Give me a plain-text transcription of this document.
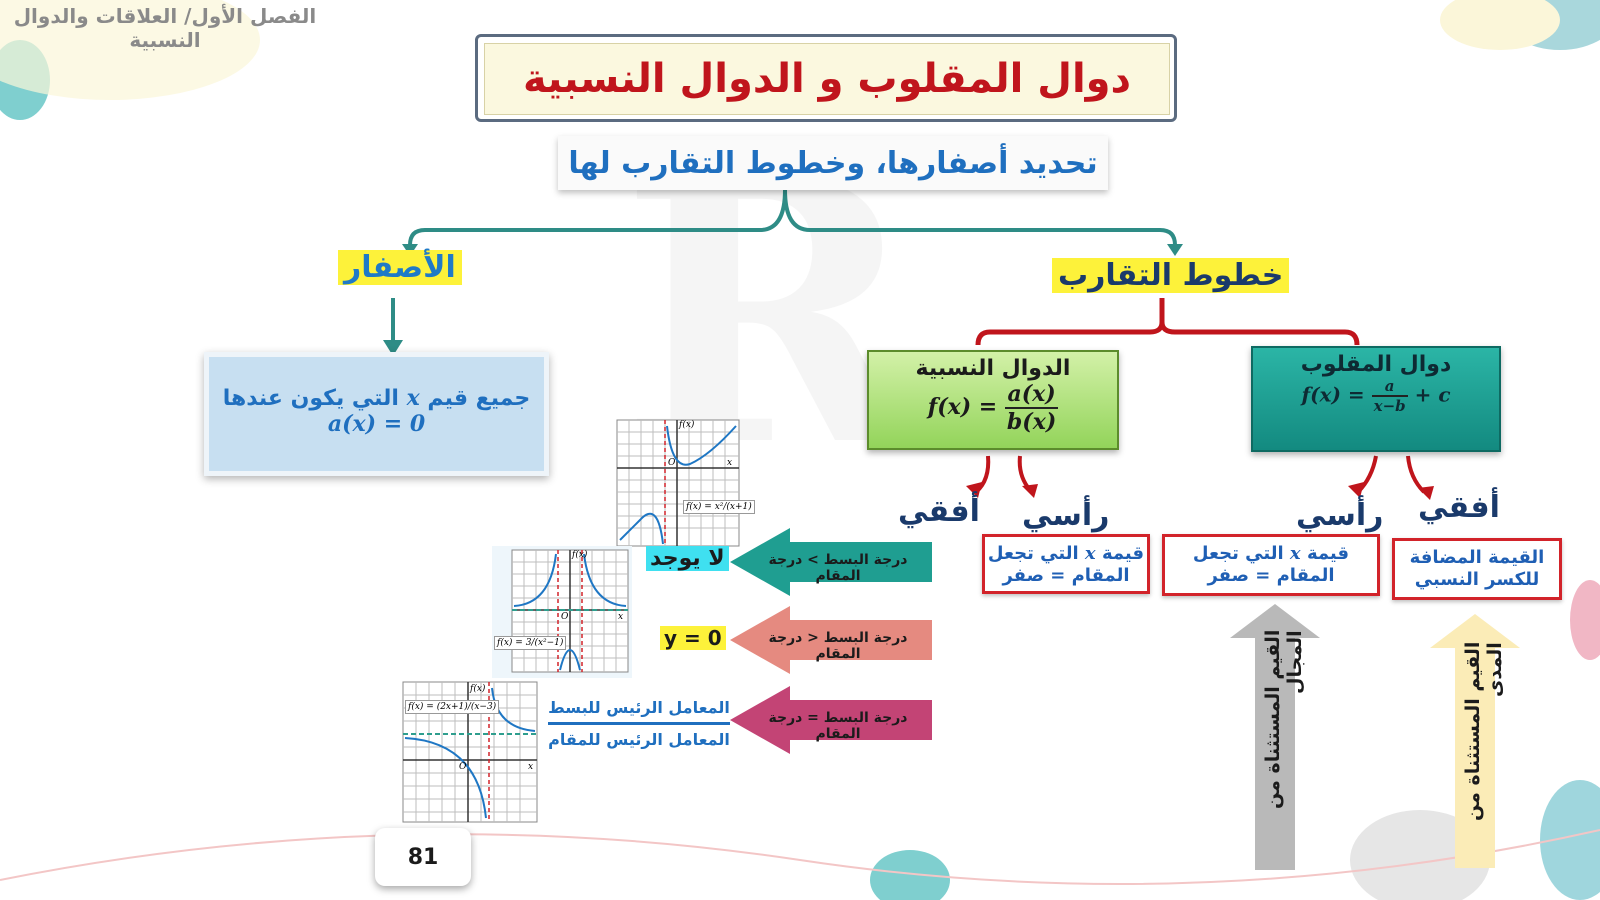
f(x) = x²/(x+1)
f(x)
O	x
f(x) = 3/(x²−1)
f(x)
O	x
f(x) = (2x+1)/(x−3)
f(x)
O	x
الفصل الأول/ العلاقات والدوال
النسبية
دوال المقلوب و الدوال النسبية
تحديد أصفارها، وخطوط التقارب لها
الأصفار	خطوط التقارب
جميع قيم x التي يكون عندها
a(x) = 0
الدوال النسبية
$f(x) = \frac{a(x)}{b(x)}$
دوال المقلوب
$f(x) = \frac{a}{x-b} + c$
أفقي رأسي	رأسي أفقي
قيمة x التي تجعل
المقام = صفر
قيمة x التي تجعل
المقام = صفر
القيمة المضافة
للكسر النسبي
درجة البسط > درجة المقام
درجة البسط < درجة المقام
درجة البسط = درجة المقام
لا يوجد
y = 0
المعامل الرئيس للبسط
المعامل الرئيس للمقام	القيم المستثناة من المجال	القيم المستثناة من المدى
81
